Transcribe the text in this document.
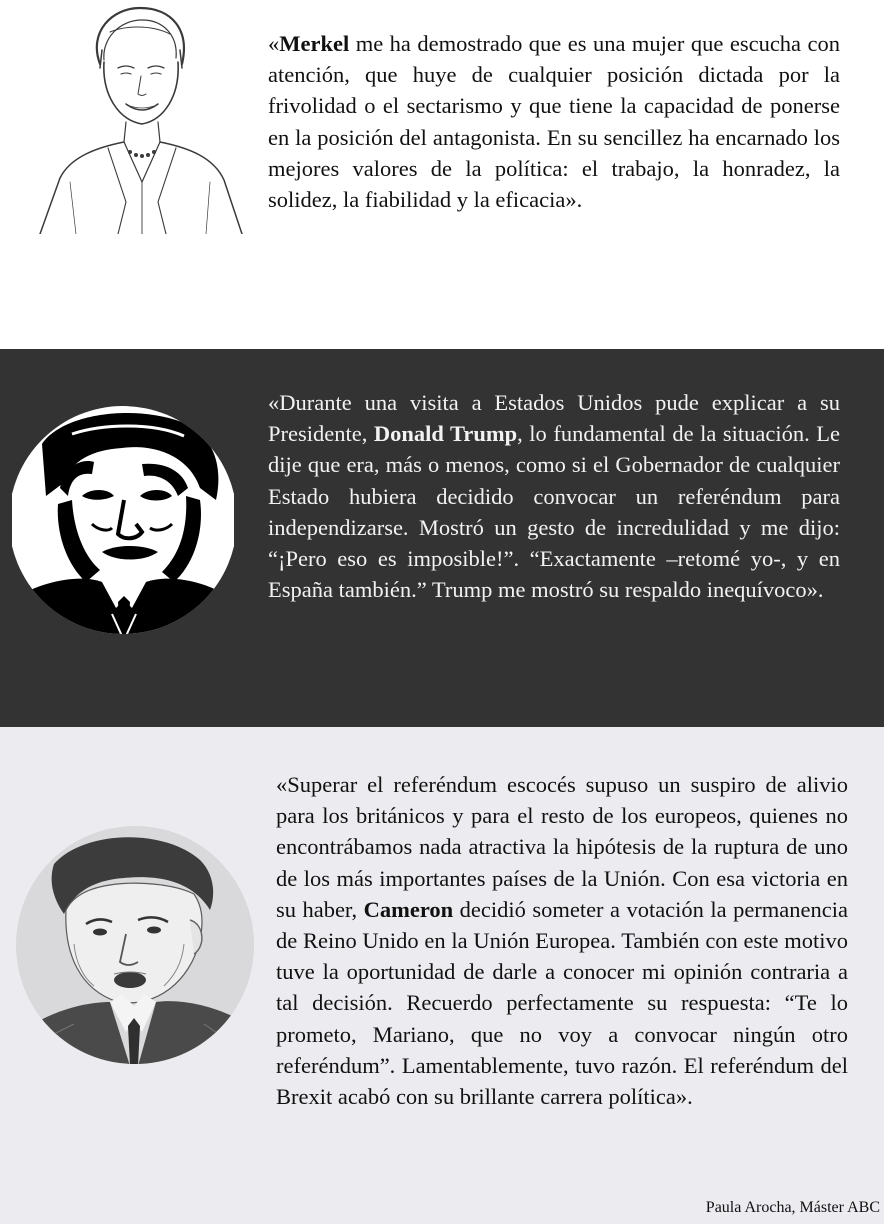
«Merkel me ha demostrado que es una mujer que escucha con atención, que huye de cualquier posición dictada por la frivolidad o el sectarismo y que tiene la capacidad de ponerse en la posición del antagonista. En su sencillez ha encarnado los mejores valores de la política: el trabajo, la honradez, la solidez, la fiabilidad y la eficacia».

«Durante una visita a Estados Unidos pude explicar a su Presidente, Donald Trump, lo fundamental de la situación. Le dije que era, más o menos, como si el Gobernador de cualquier Estado hubiera decidido convocar un referéndum para independizarse. Mostró un gesto de incredulidad y me dijo: “¡Pero eso es imposible!”. “Exactamente –retomé yo-, y en España también.” Trump me mostró su respaldo inequívoco».

«Superar el referéndum escocés supuso un suspiro de alivio para los británicos y para el resto de los europeos, quienes no encontrábamos nada atractiva la hipótesis de la ruptura de uno de los más importantes países de la Unión. Con esa victoria en su haber, Cameron decidió someter a votación la permanencia de Reino Unido en la Unión Europea. También con este motivo tuve la oportunidad de darle a conocer mi opinión contraria a tal decisión. Recuerdo perfectamente su respuesta: “Te lo prometo, Mariano, que no voy a convocar ningún otro referéndum”. Lamentablemente, tuvo razón. El referéndum del Brexit acabó con su brillante carrera política».

Paula Arocha, Máster ABC
